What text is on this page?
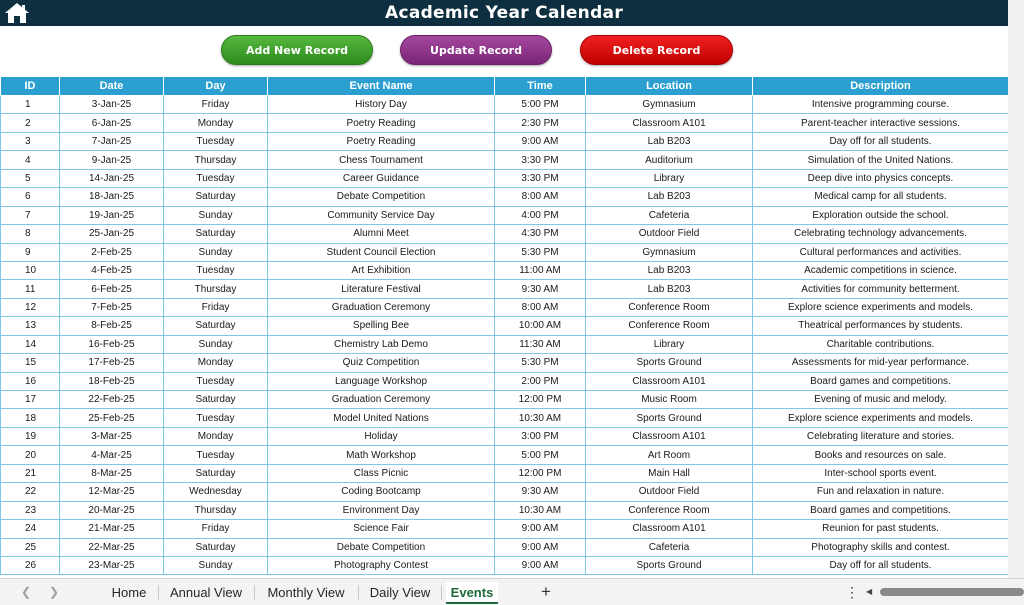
Academic Year Calendar
Add New Record	Update Record	Delete Record
ID	Date	Day	Event Name	Time	Location	Description
1	3-Jan-25	Friday	History Day	5:00 PM	Gymnasium	Intensive programming course.
2	6-Jan-25	Monday	Poetry Reading	2:30 PM	Classroom A101	Parent-teacher interactive sessions.
3	7-Jan-25	Tuesday	Poetry Reading	9:00 AM	Lab B203	Day off for all students.
4	9-Jan-25	Thursday	Chess Tournament	3:30 PM	Auditorium	Simulation of the United Nations.
5	14-Jan-25	Tuesday	Career Guidance	3:30 PM	Library	Deep dive into physics concepts.
6	18-Jan-25	Saturday	Debate Competition	8:00 AM	Lab B203	Medical camp for all students.
7	19-Jan-25	Sunday	Community Service Day	4:00 PM	Cafeteria	Exploration outside the school.
8	25-Jan-25	Saturday	Alumni Meet	4:30 PM	Outdoor Field	Celebrating technology advancements.
9	2-Feb-25	Sunday	Student Council Election	5:30 PM	Gymnasium	Cultural performances and activities.
10	4-Feb-25	Tuesday	Art Exhibition	11:00 AM	Lab B203	Academic competitions in science.
11	6-Feb-25	Thursday	Literature Festival	9:30 AM	Lab B203	Activities for community betterment.
12	7-Feb-25	Friday	Graduation Ceremony	8:00 AM	Conference Room	Explore science experiments and models.
13	8-Feb-25	Saturday	Spelling Bee	10:00 AM	Conference Room	Theatrical performances by students.
14	16-Feb-25	Sunday	Chemistry Lab Demo	11:30 AM	Library	Charitable contributions.
15	17-Feb-25	Monday	Quiz Competition	5:30 PM	Sports Ground	Assessments for mid-year performance.
16	18-Feb-25	Tuesday	Language Workshop	2:00 PM	Classroom A101	Board games and competitions.
17	22-Feb-25	Saturday	Graduation Ceremony	12:00 PM	Music Room	Evening of music and melody.
18	25-Feb-25	Tuesday	Model United Nations	10:30 AM	Sports Ground	Explore science experiments and models.
19	3-Mar-25	Monday	Holiday	3:00 PM	Classroom A101	Celebrating literature and stories.
20	4-Mar-25	Tuesday	Math Workshop	5:00 PM	Art Room	Books and resources on sale.
21	8-Mar-25	Saturday	Class Picnic	12:00 PM	Main Hall	Inter-school sports event.
22	12-Mar-25	Wednesday	Coding Bootcamp	9:30 AM	Outdoor Field	Fun and relaxation in nature.
23	20-Mar-25	Thursday	Environment Day	10:30 AM	Conference Room	Board games and competitions.
24	21-Mar-25	Friday	Science Fair	9:00 AM	Classroom A101	Reunion for past students.
25	22-Mar-25	Saturday	Debate Competition	9:00 AM	Cafeteria	Photography skills and contest.
26	23-Mar-25	Sunday	Photography Contest	9:00 AM	Sports Ground	Day off for all students.
❮ ❯	Home	Annual View	Monthly View	Daily View	Events	+	⋮ ◀
